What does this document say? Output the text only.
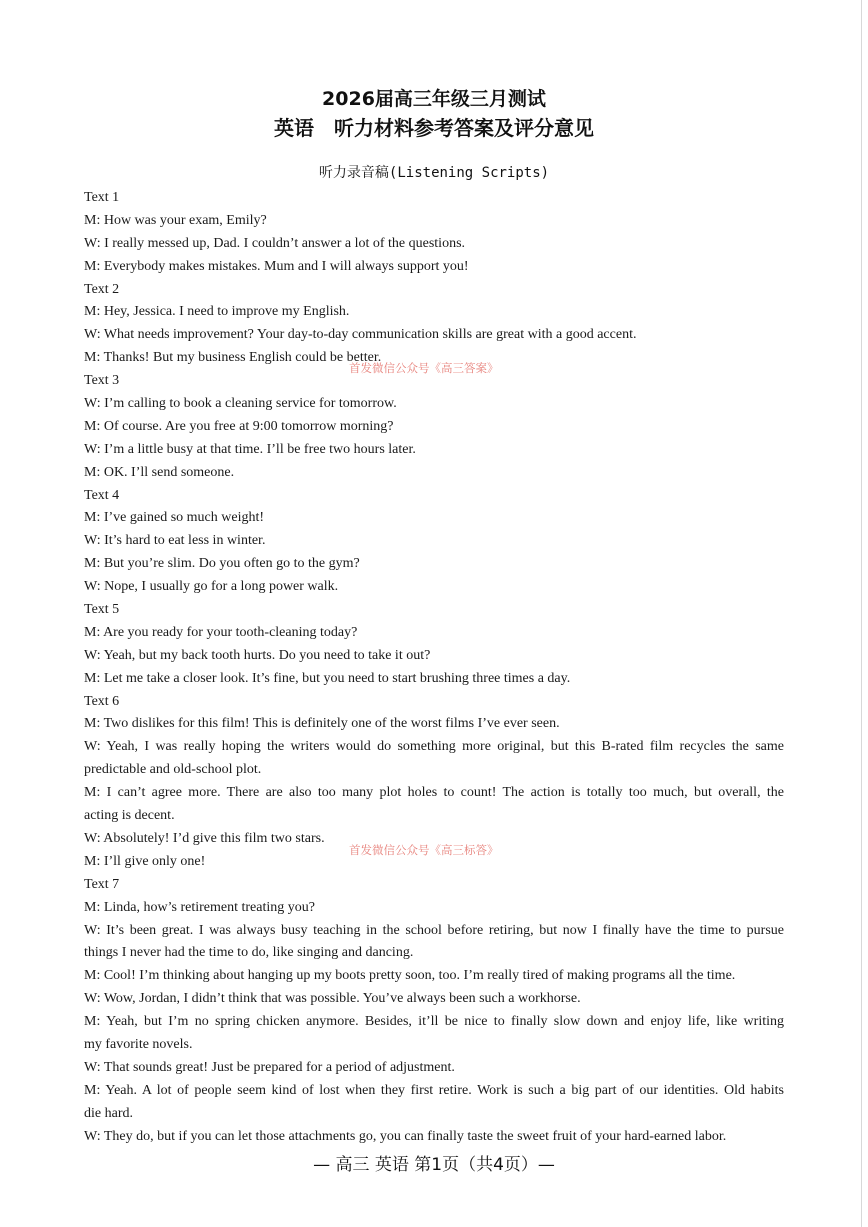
2026届高三年级三月测试
英语　听力材料参考答案及评分意见
听力录音稿(Listening Scripts)
Text 1
M: How was your exam, Emily?
W: I really messed up, Dad. I couldn’t answer a lot of the questions.
M: Everybody makes mistakes. Mum and I will always support you!
Text 2
M: Hey, Jessica. I need to improve my English.
W: What needs improvement? Your day-to-day communication skills are great with a good accent.
M: Thanks! But my business English could be better.
Text 3
W: I’m calling to book a cleaning service for tomorrow.
M: Of course. Are you free at 9:00 tomorrow morning?
W: I’m a little busy at that time. I’ll be free two hours later.
M: OK. I’ll send someone.
Text 4
M: I’ve gained so much weight!
W: It’s hard to eat less in winter.
M: But you’re slim. Do you often go to the gym?
W: Nope, I usually go for a long power walk.
Text 5
M: Are you ready for your tooth-cleaning today?
W: Yeah, but my back tooth hurts. Do you need to take it out?
M: Let me take a closer look. It’s fine, but you need to start brushing three times a day.
Text 6
M: Two dislikes for this film! This is definitely one of the worst films I’ve ever seen.
W: Yeah, I was really hoping the writers would do something more original, but this B-rated film recycles the same
predictable and old-school plot.
M: I can’t agree more. There are also too many plot holes to count! The action is totally too much, but overall, the
acting is decent.
W: Absolutely! I’d give this film two stars.
M: I’ll give only one!
Text 7
M: Linda, how’s retirement treating you?
W: It’s been great. I was always busy teaching in the school before retiring, but now I finally have the time to pursue
things I never had the time to do, like singing and dancing.
M: Cool! I’m thinking about hanging up my boots pretty soon, too. I’m really tired of making programs all the time.
W: Wow, Jordan, I didn’t think that was possible. You’ve always been such a workhorse.
M: Yeah, but I’m no spring chicken anymore. Besides, it’ll be nice to finally slow down and enjoy life, like writing
my favorite novels.
W: That sounds great! Just be prepared for a period of adjustment.
M: Yeah. A lot of people seem kind of lost when they first retire. Work is such a big part of our identities. Old habits
die hard.
W: They do, but if you can let those attachments go, you can finally taste the sweet fruit of your hard-earned labor.
首发微信公众号《高三答案》
首发微信公众号《高三标答》
— 高三 英语 第1页（共4页）—
